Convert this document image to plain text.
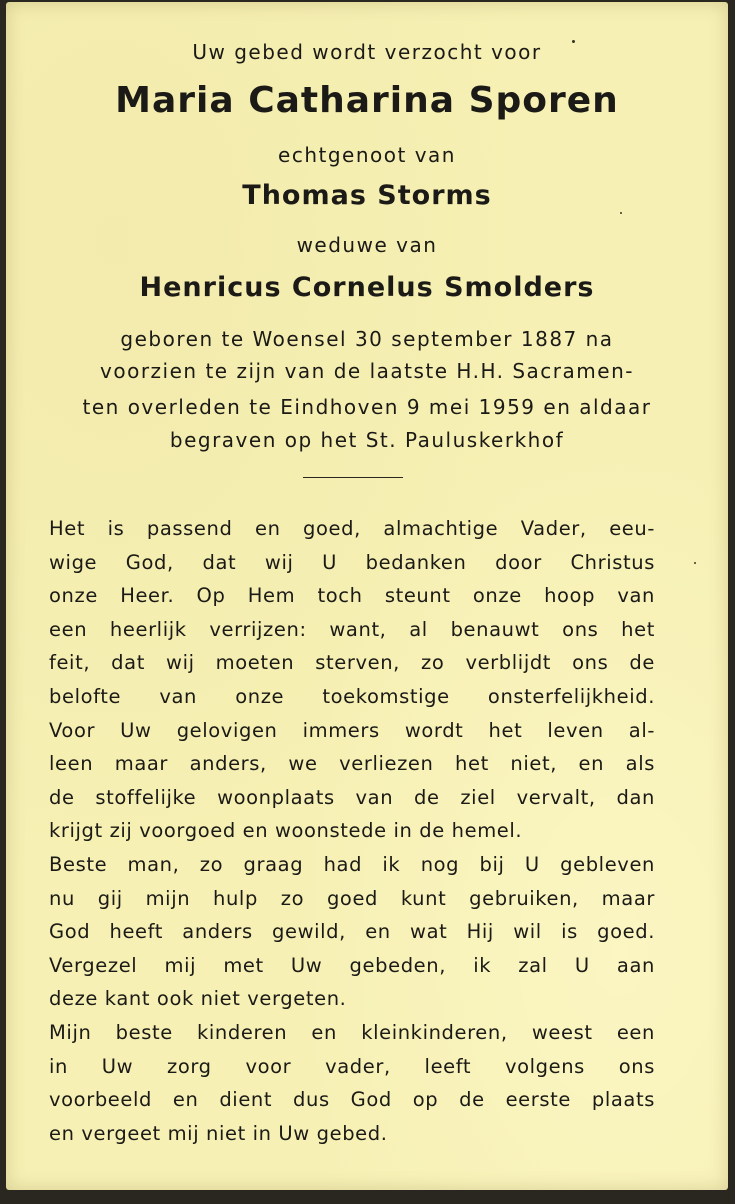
Uw gebed wordt verzocht voor
Maria Catharina Sporen
echtgenoot van
Thomas Storms
weduwe van
Henricus Cornelus Smolders
geboren te Woensel 30 september 1887 na
voorzien te zijn van de laatste H.H. Sacramen-
ten overleden te Eindhoven 9 mei 1959 en aldaar
begraven op het St. Pauluskerkhof
Het is passend en goed, almachtige Vader, eeu-
wige God, dat wij U bedanken door Christus
onze Heer. Op Hem toch steunt onze hoop van
een heerlijk verrijzen: want, al benauwt ons het
feit, dat wij moeten sterven, zo verblijdt ons de
belofte van onze toekomstige onsterfelijkheid.
Voor Uw gelovigen immers wordt het leven al-
leen maar anders, we verliezen het niet, en als
de stoffelijke woonplaats van de ziel vervalt, dan
krijgt zij voorgoed en woonstede in de hemel.
Beste man, zo graag had ik nog bij U gebleven
nu gij mijn hulp zo goed kunt gebruiken, maar
God heeft anders gewild, en wat Hij wil is goed.
Vergezel mij met Uw gebeden, ik zal U aan
deze kant ook niet vergeten.
Mijn beste kinderen en kleinkinderen, weest een
in Uw zorg voor vader, leeft volgens ons
voorbeeld en dient dus God op de eerste plaats
en vergeet mij niet in Uw gebed.
